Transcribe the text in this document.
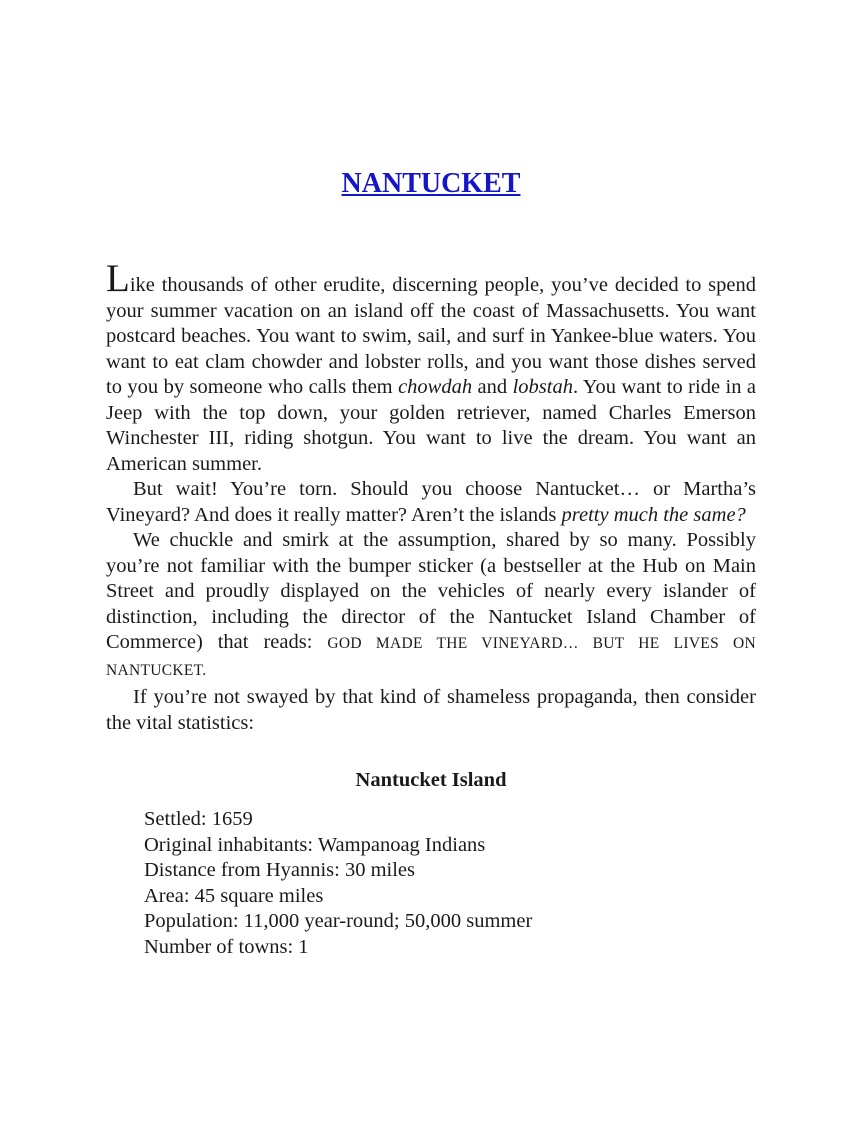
NANTUCKET

Like thousands of other erudite, discerning people, you’ve decided to spend your summer vacation on an island off the coast of Massachusetts. You want postcard beaches. You want to swim, sail, and surf in Yankee-blue waters. You want to eat clam chowder and lobster rolls, and you want those dishes served to you by someone who calls them chowdah and lobstah. You want to ride in a Jeep with the top down, your golden retriever, named Charles Emerson Winchester III, riding shotgun. You want to live the dream. You want an American summer.

But wait! You’re torn. Should you choose Nantucket… or Martha’s Vineyard? And does it really matter? Aren’t the islands pretty much the same?

We chuckle and smirk at the assumption, shared by so many. Possibly you’re not familiar with the bumper sticker (a bestseller at the Hub on Main Street and proudly displayed on the vehicles of nearly every islander of distinction, including the director of the Nantucket Island Chamber of Commerce) that reads: GOD MADE THE VINEYARD… BUT HE LIVES ON NANTUCKET.

If you’re not swayed by that kind of shameless propaganda, then consider the vital statistics:

Nantucket Island
Settled: 1659
Original inhabitants: Wampanoag Indians
Distance from Hyannis: 30 miles
Area: 45 square miles
Population: 11,000 year-round; 50,000 summer
Number of towns: 1
